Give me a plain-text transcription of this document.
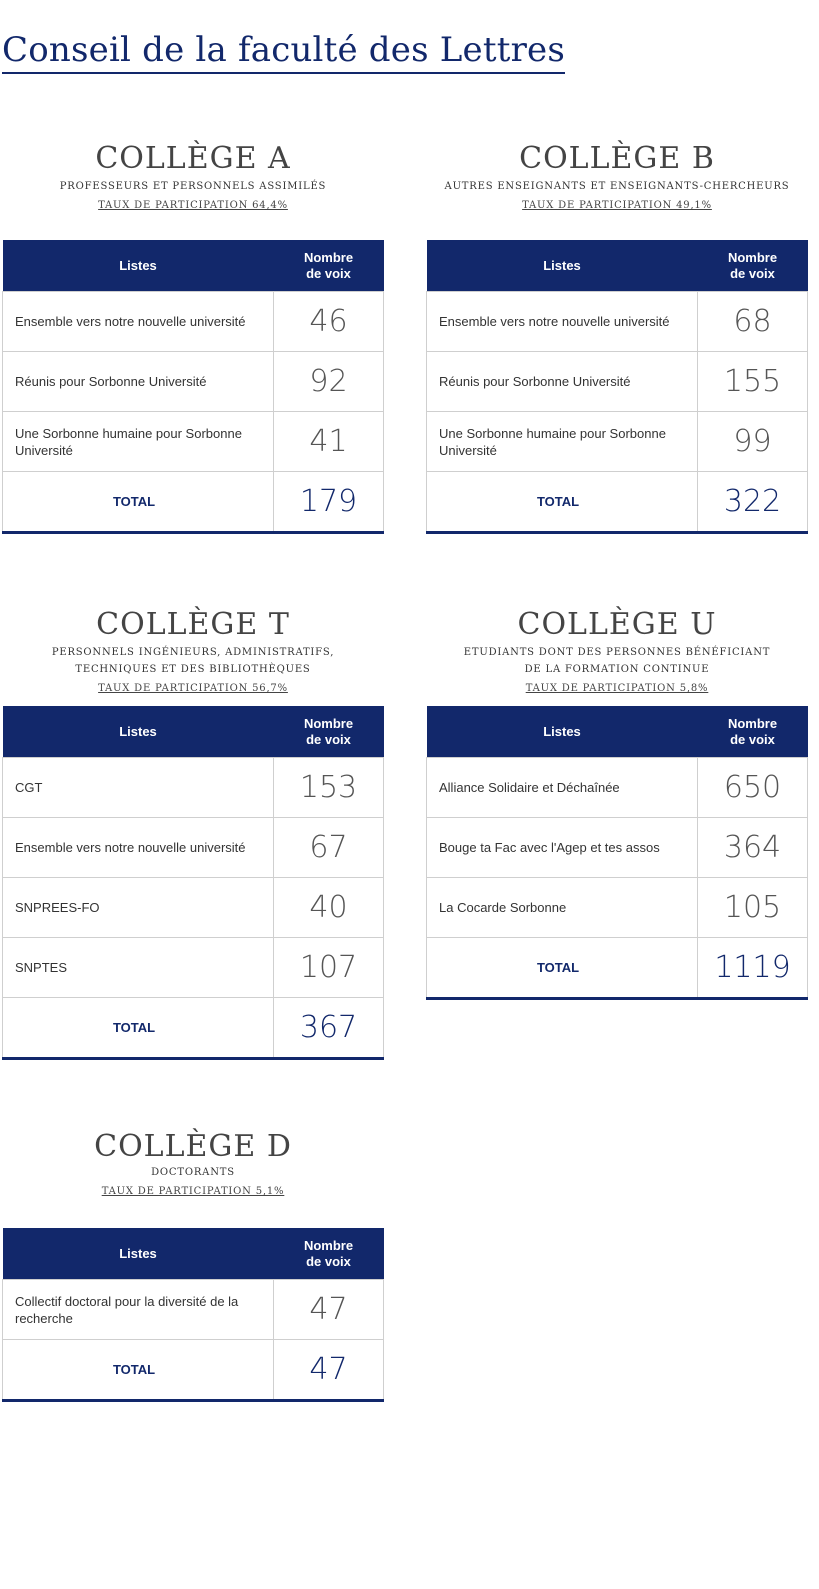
Conseil de la faculté des Lettres
COLLÈGE A
PROFESSEURS ET PERSONNELS ASSIMILÉS
TAUX DE PARTICIPATION 64,4%
Listes	Nombre
de voix
Ensemble vers notre nouvelle université	46
Réunis pour Sorbonne Université	92
Une Sorbonne humaine pour Sorbonne Université	41
TOTAL	179
COLLÈGE B
AUTRES ENSEIGNANTS ET ENSEIGNANTS-CHERCHEURS
TAUX DE PARTICIPATION 49,1%
Listes	Nombre
de voix
Ensemble vers notre nouvelle université	68
Réunis pour Sorbonne Université	155
Une Sorbonne humaine pour Sorbonne Université	99
TOTAL	322
COLLÈGE T
PERSONNELS INGÉNIEURS, ADMINISTRATIFS,
TECHNIQUES ET DES BIBLIOTHÈQUES
TAUX DE PARTICIPATION 56,7%
Listes	Nombre
de voix
CGT	153
Ensemble vers notre nouvelle université	67
SNPREES-FO	40
SNPTES	107
TOTAL	367
COLLÈGE U
ETUDIANTS DONT DES PERSONNES BÉNÉFICIANT
DE LA FORMATION CONTINUE
TAUX DE PARTICIPATION 5,8%
Listes	Nombre
de voix
Alliance Solidaire et Déchaînée	650
Bouge ta Fac avec l'Agep et tes assos	364
La Cocarde Sorbonne	105
TOTAL	1119
COLLÈGE D
DOCTORANTS
TAUX DE PARTICIPATION 5,1%
Listes	Nombre
de voix
Collectif doctoral pour la diversité de la recherche	47
TOTAL	47
